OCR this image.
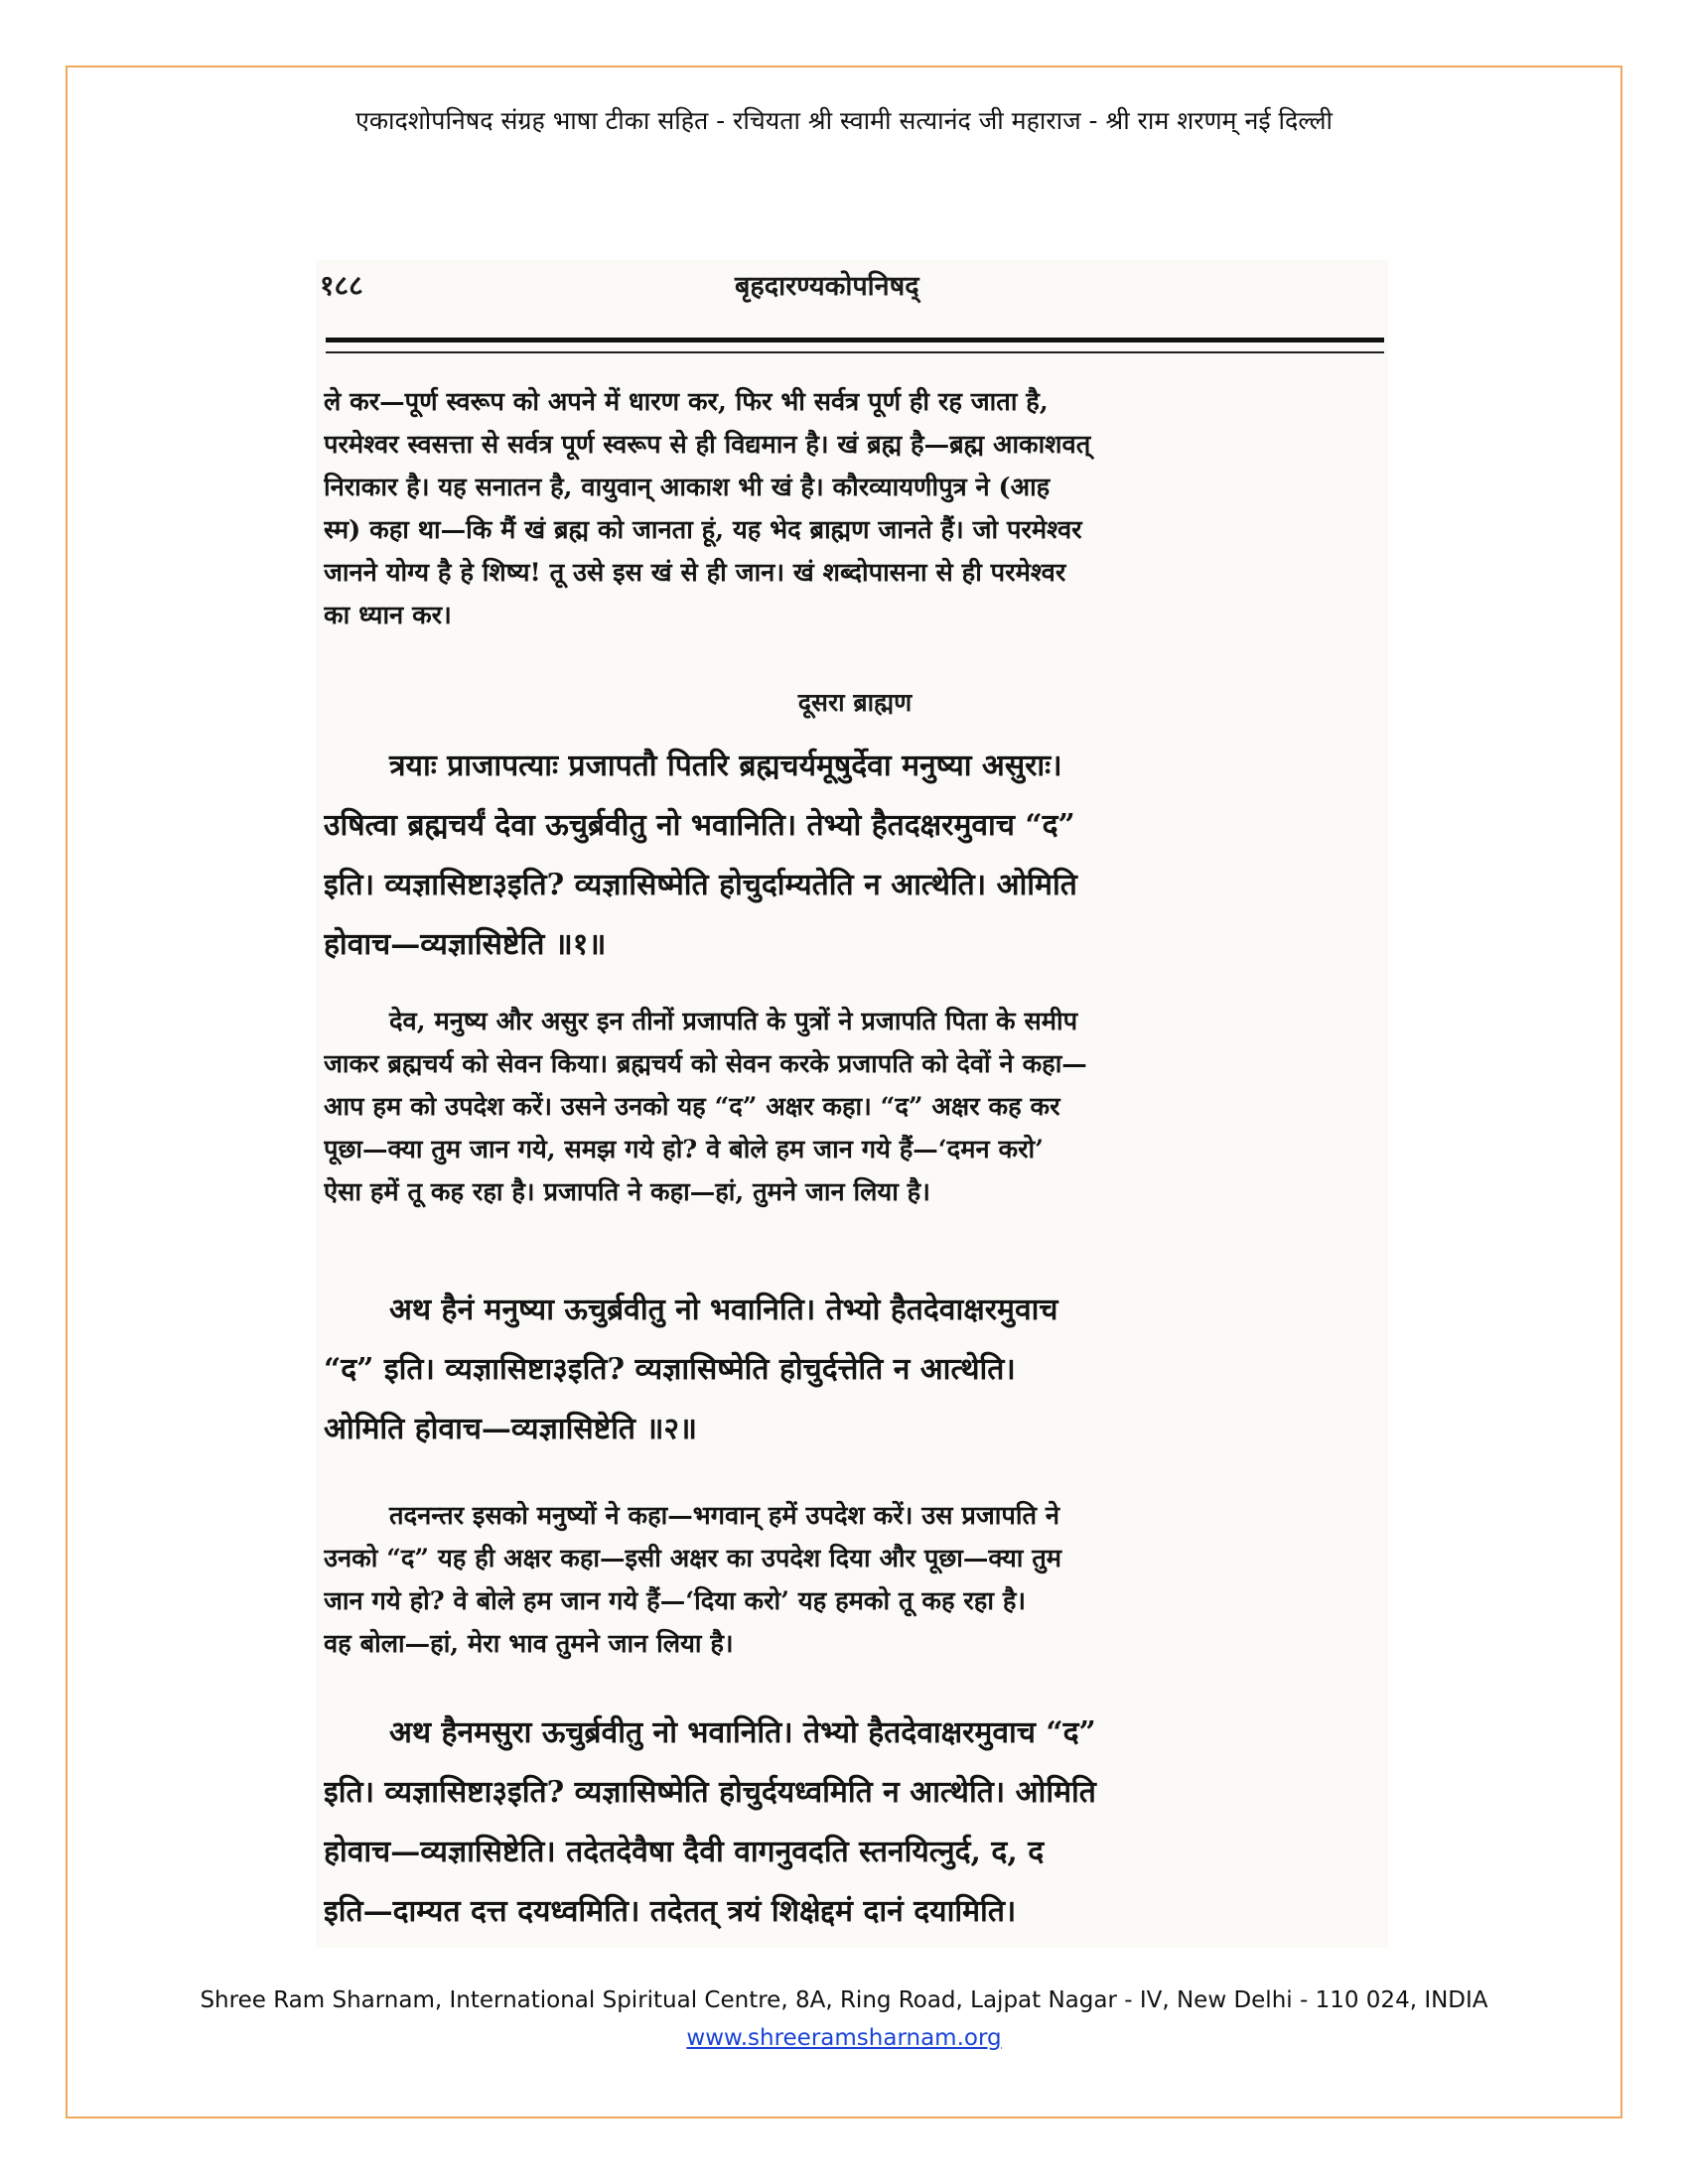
एकादशोपनिषद संग्रह भाषा टीका सहित - रचियता श्री स्वामी सत्यानंद जी महाराज - श्री राम शरणम् नई दिल्ली
१८८	बृहदारण्यकोपनिषद्
ले कर—पूर्ण स्वरूप को अपने में धारण कर, फिर भी सर्वत्र पूर्ण ही रह जाता है,
परमेश्वर स्वसत्ता से सर्वत्र पूर्ण स्वरूप से ही विद्यमान है। खं ब्रह्म है—ब्रह्म आकाशवत्
निराकार है। यह सनातन है, वायुवान् आकाश भी खं है। कौरव्यायणीपुत्र ने (आह
स्म) कहा था—कि मैं खं ब्रह्म को जानता हूं, यह भेद ब्राह्मण जानते हैं। जो परमेश्वर
जानने योग्य है हे शिष्य! तू उसे इस खं से ही जान। खं शब्दोपासना से ही परमेश्वर
का ध्यान कर।
दूसरा ब्राह्मण
त्रयाः प्राजापत्याः प्रजापतौ पितरि ब्रह्मचर्यमूषुर्देवा मनुष्या असुराः।
उषित्वा ब्रह्मचर्यं देवा ऊचुर्ब्रवीतु नो भवानिति। तेभ्यो हैतदक्षरमुवाच “द”
इति। व्यज्ञासिष्टा३इति? व्यज्ञासिष्मेति होचुर्दाम्यतेति न आत्थेति। ओमिति
होवाच—व्यज्ञासिष्टेति ॥१॥
देव, मनुष्य और असुर इन तीनों प्रजापति के पुत्रों ने प्रजापति पिता के समीप
जाकर ब्रह्मचर्य को सेवन किया। ब्रह्मचर्य को सेवन करके प्रजापति को देवों ने कहा—
आप हम को उपदेश करें। उसने उनको यह “द” अक्षर कहा। “द” अक्षर कह कर
पूछा—क्या तुम जान गये, समझ गये हो? वे बोले हम जान गये हैं—‘दमन करो’
ऐसा हमें तू कह रहा है। प्रजापति ने कहा—हां, तुमने जान लिया है।
अथ हैनं मनुष्या ऊचुर्ब्रवीतु नो भवानिति। तेभ्यो हैतदेवाक्षरमुवाच
“द” इति। व्यज्ञासिष्टा३इति? व्यज्ञासिष्मेति होचुर्दत्तेति न आत्थेति।
ओमिति होवाच—व्यज्ञासिष्टेति ॥२॥
तदनन्तर इसको मनुष्यों ने कहा—भगवान् हमें उपदेश करें। उस प्रजापति ने
उनको “द” यह ही अक्षर कहा—इसी अक्षर का उपदेश दिया और पूछा—क्या तुम
जान गये हो? वे बोले हम जान गये हैं—‘दिया करो’ यह हमको तू कह रहा है।
वह बोला—हां, मेरा भाव तुमने जान लिया है।
अथ हैनमसुरा ऊचुर्ब्रवीतु नो भवानिति। तेभ्यो हैतदेवाक्षरमुवाच “द”
इति। व्यज्ञासिष्टा३इति? व्यज्ञासिष्मेति होचुर्दयध्वमिति न आत्थेति। ओमिति
होवाच—व्यज्ञासिष्टेति। तदेतदेवैषा दैवी वागनुवदति स्तनयित्नुर्द, द, द
इति—दाम्यत दत्त दयध्वमिति। तदेतत् त्रयं शिक्षेद्दमं दानं दयामिति।
Shree Ram Sharnam, International Spiritual Centre, 8A, Ring Road, Lajpat Nagar - IV, New Delhi - 110 024, INDIA
www.shreeramsharnam.org
